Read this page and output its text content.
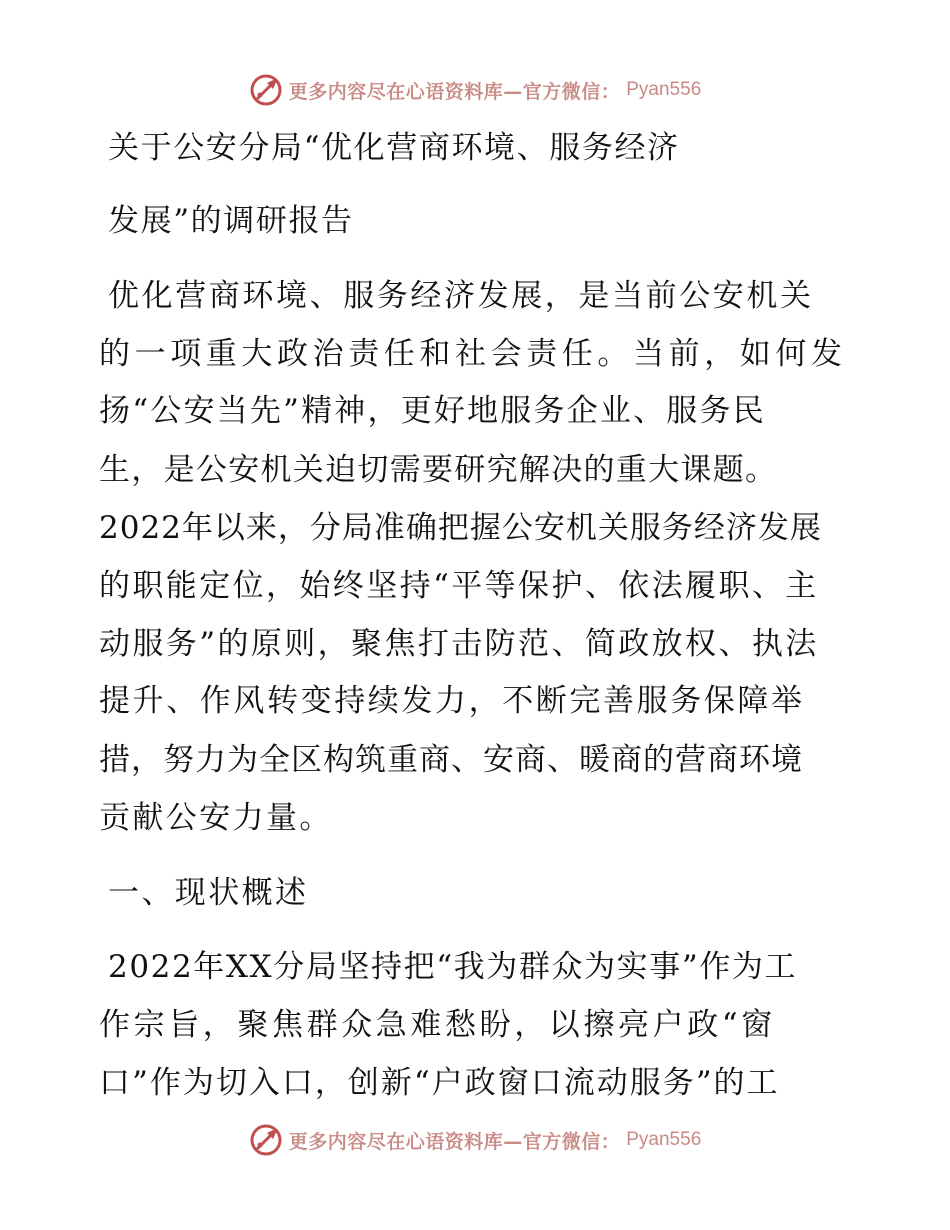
更多内容尽在心语资料库—官方微信： Pyan556
关于公安分局“优化营商环境、服务经济
发展”的调研报告
优化营商环境、服务经济发展，是当前公安机关
的一项重大政治责任和社会责任。当前，如何发
扬“公安当先”精神，更好地服务企业、服务民
生，是公安机关迫切需要研究解决的重大课题。
2022年以来，分局准确把握公安机关服务经济发展
的职能定位，始终坚持“平等保护、依法履职、主
动服务”的原则，聚焦打击防范、简政放权、执法
提升、作风转变持续发力，不断完善服务保障举
措，努力为全区构筑重商、安商、暖商的营商环境
贡献公安力量。
一、现状概述
2022年XX分局坚持把“我为群众为实事”作为工
作宗旨，聚焦群众急难愁盼，以擦亮户政“窗
口”作为切入口，创新“户政窗口流动服务”的工
更多内容尽在心语资料库—官方微信： Pyan556
